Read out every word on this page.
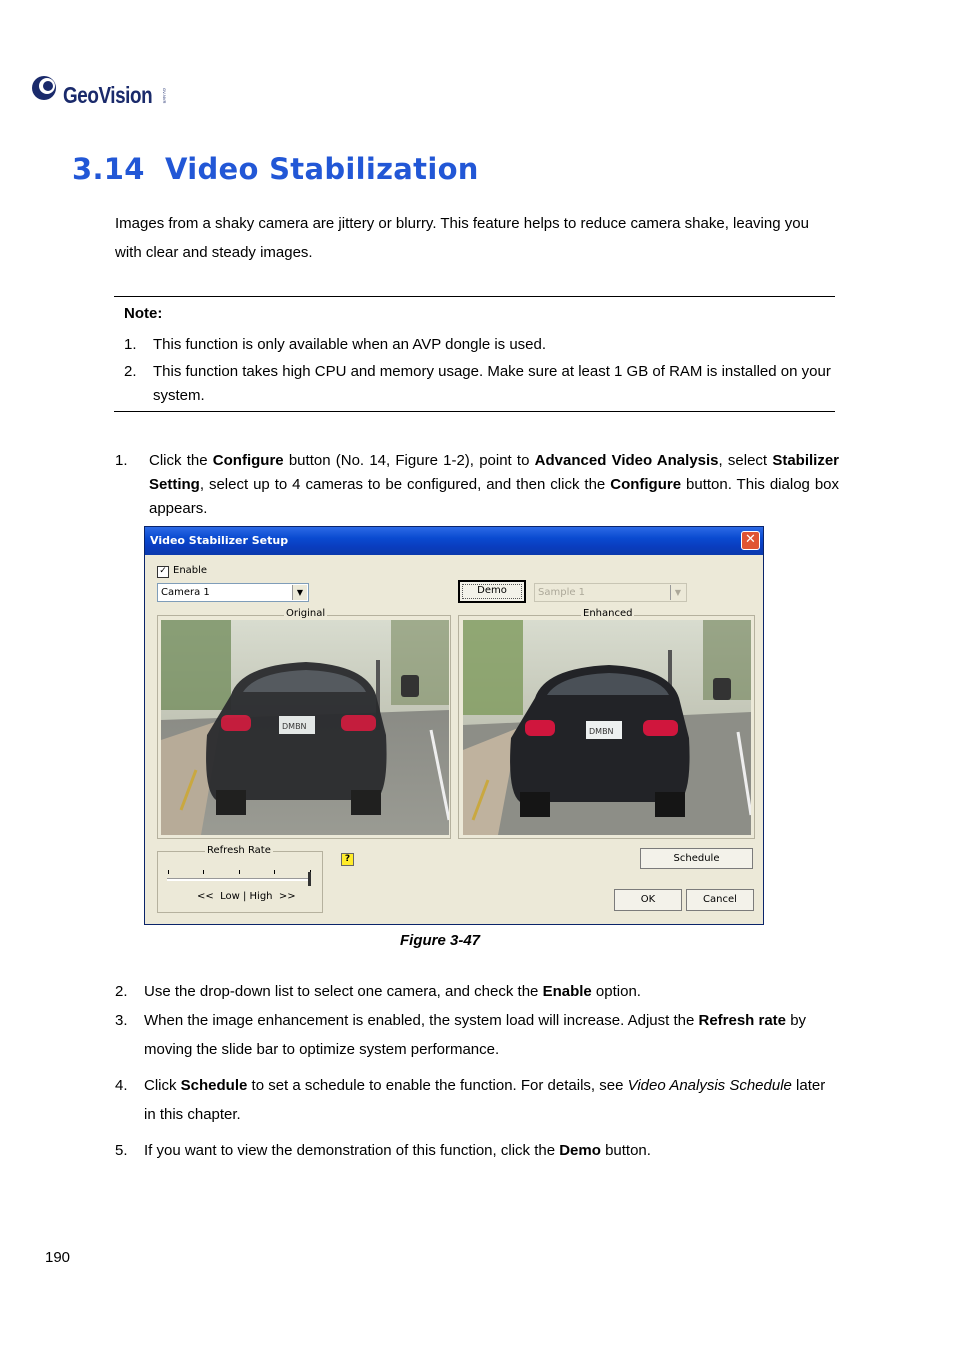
GeoVision GV-NVR
3.14 Video Stabilization
Images from a shaky camera are jittery or blurry. This feature helps to reduce camera shake, leaving you with clear and steady images.
Note:
1. This function is only available when an AVP dongle is used.
2. This function takes high CPU and memory usage. Make sure at least 1 GB of RAM is installed on your system.
1. Click the Configure button (No. 14, Figure 1-2), point to Advanced Video Analysis, select Stabilizer Setting, select up to 4 cameras to be configured, and then click the Configure button. This dialog box appears.
Video Stabilizer Setup	✕
✓ Enable
Camera 1	▼	Demo	Sample 1	▼
Original
DMBN
Enhanced
DMBN
Refresh Rate
<<  Low | High  >>
?	Schedule
OK	Cancel
Figure 3-47
2. Use the drop-down list to select one camera, and check the Enable option.
3. When the image enhancement is enabled, the system load will increase. Adjust the Refresh rate by moving the slide bar to optimize system performance.
4. Click Schedule to set a schedule to enable the function. For details, see Video Analysis Schedule later in this chapter.
5. If you want to view the demonstration of this function, click the Demo button.
190
